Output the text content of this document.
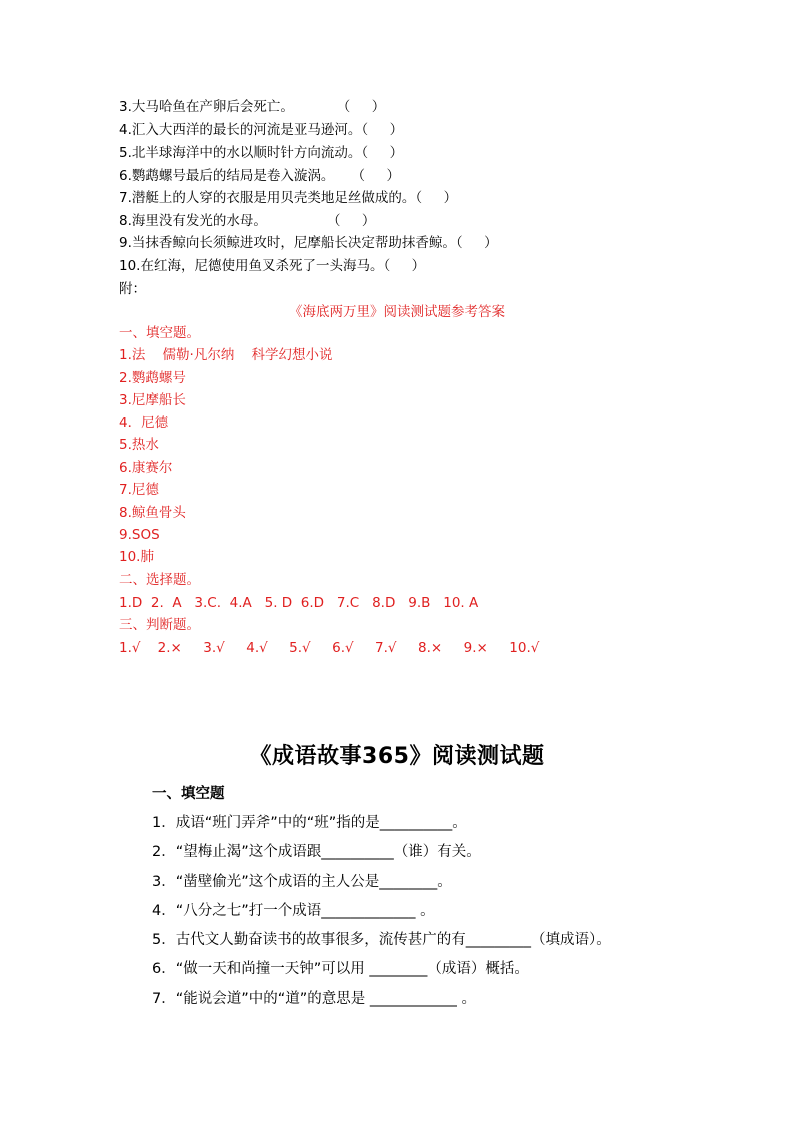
3.大马哈鱼在产卵后会死亡。          （     ）
4.汇入大西洋的最长的河流是亚马逊河。（     ）
5.北半球海洋中的水以顺时针方向流动。（     ）
6.鹦鹉螺号最后的结局是卷入漩涡。    （     ）
7.潜艇上的人穿的衣服是用贝壳类地足丝做成的。（     ）
8.海里没有发光的水母。              （     ）
9.当抹香鲸向长须鲸进攻时，尼摩船长决定帮助抹香鲸。（     ）
10.在红海，尼德使用鱼叉杀死了一头海马。（     ）
附：
《海底两万里》阅读测试题参考答案
一、填空题。
1.法    儒勒·凡尔纳    科学幻想小说
2.鹦鹉螺号
3.尼摩船长
4．尼德
5.热水
6.康赛尔
7.尼德
8.鲸鱼骨头
9.SOS
10.肺
二、选择题。
1.D  2.  A   3.C.  4.A   5. D  6.D   7.C   8.D   9.B   10. A
三、判断题。
1.√    2.×     3.√     4.√     5.√     6.√     7.√     8.×     9.×     10.√
《成语故事365》阅读测试题
一、填空题
1．成语“班门弄斧”中的“班”指的是__________。
2．“望梅止渴”这个成语跟__________（谁）有关。
3．“凿壁偷光”这个成语的主人公是________。
4．“八分之七”打一个成语_____________ 。
5．古代文人勤奋读书的故事很多，流传甚广的有_________（填成语）。
6．“做一天和尚撞一天钟”可以用 ________（成语）概括。
7．“能说会道”中的“道”的意思是 ____________ 。
